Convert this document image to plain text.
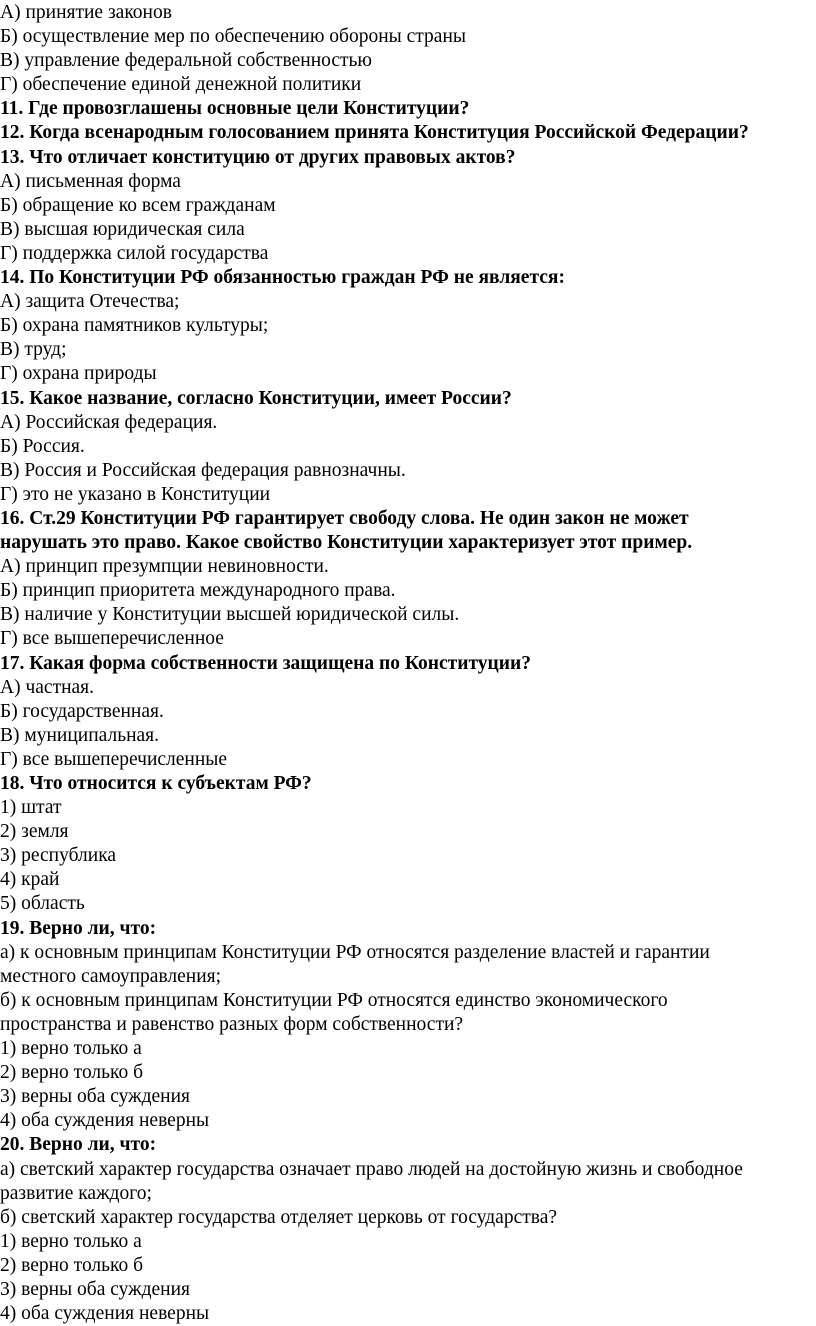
А) принятие законов

Б) осуществление мер по обеспечению обороны страны

В) управление федеральной собственностью

Г) обеспечение единой денежной политики

11. Где провозглашены основные цели Конституции?

12. Когда всенародным голосованием принята Конституция Российской Федерации?

13. Что отличает конституцию от других правовых актов?

А) письменная форма

Б) обращение ко всем гражданам

В) высшая юридическая сила

Г) поддержка силой государства

14. По Конституции РФ обязанностью граждан РФ не является:

А) защита Отечества;

Б) охрана памятников культуры;

В) труд;

Г) охрана природы

15. Какое название, согласно Конституции, имеет России?

А) Российская федерация.

Б) Россия.

В) Россия и Российская федерация равнозначны.

Г) это не указано в Конституции

16. Ст.29 Конституции РФ гарантирует свободу слова. Не один закон не может

нарушать это право. Какое свойство Конституции характеризует этот пример.

А) принцип презумпции невиновности.

Б) принцип приоритета международного права.

В) наличие у Конституции высшей юридической силы.

Г) все вышеперечисленное

17. Какая форма собственности защищена по Конституции?

А) частная.

Б) государственная.

В) муниципальная.

Г) все вышеперечисленные

18. Что относится к субъектам РФ?

1) штат

2) земля

3) республика

4) край

5) область

19. Верно ли, что:

а) к основным принципам Конституции РФ относятся разделение властей и гарантии

местного самоуправления;

б) к основным принципам Конституции РФ относятся единство экономического

пространства и равенство разных форм собственности?

1) верно только а

2) верно только б

3) верны оба суждения

4) оба суждения неверны

20. Верно ли, что:

а) светский характер государства означает право людей на достойную жизнь и свободное

развитие каждого;

б) светский характер государства отделяет церковь от государства?

1) верно только а

2) верно только б

3) верны оба суждения

4) оба суждения неверны
